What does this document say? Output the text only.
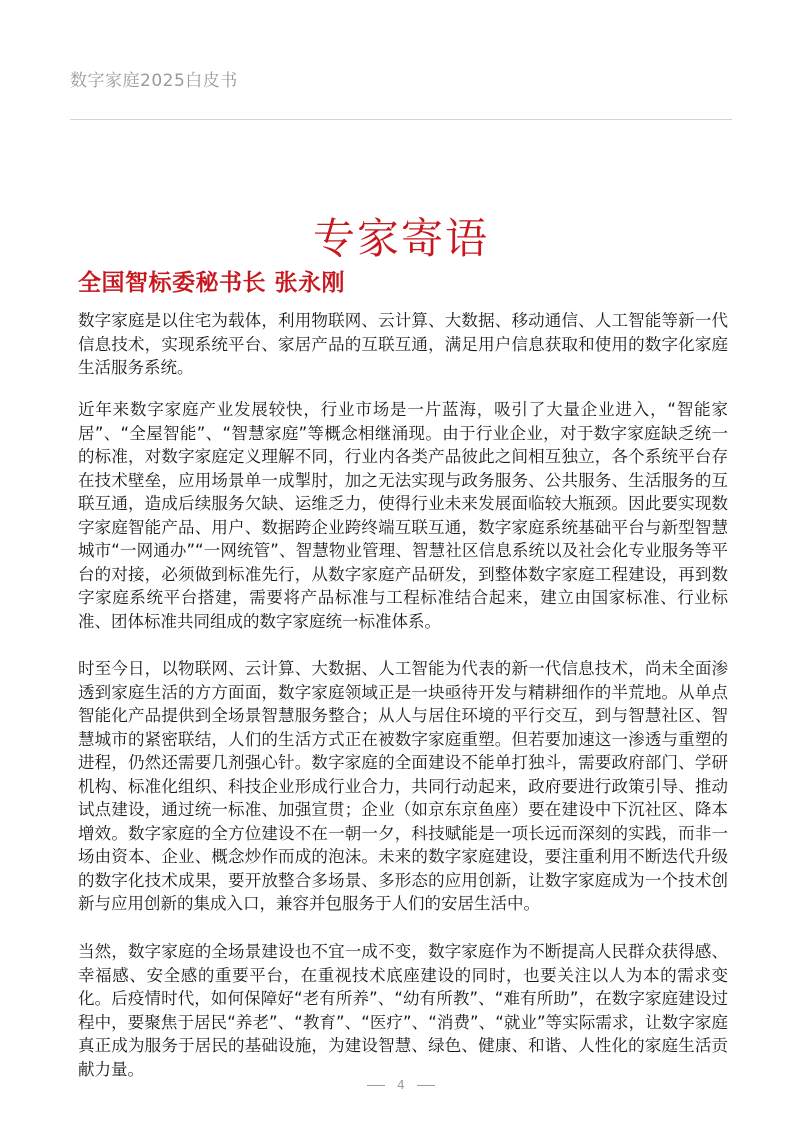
数字家庭2025白皮书
专家寄语
全国智标委秘书长 张永刚
数字家庭是以住宅为载体，利用物联网、云计算、大数据、移动通信、人工智能等新一代信息技术，实现系统平台、家居产品的互联互通，满足用户信息获取和使用的数字化家庭生活服务系统。
近年来数字家庭产业发展较快，行业市场是一片蓝海，吸引了大量企业进入，“智能家居”、“全屋智能”、“智慧家庭”等概念相继涌现。由于行业企业，对于数字家庭缺乏统一的标准，对数字家庭定义理解不同，行业内各类产品彼此之间相互独立，各个系统平台存在技术壁垒，应用场景单一成掣肘，加之无法实现与政务服务、公共服务、生活服务的互联互通，造成后续服务欠缺、运维乏力，使得行业未来发展面临较大瓶颈。因此要实现数字家庭智能产品、用户、数据跨企业跨终端互联互通，数字家庭系统基础平台与新型智慧城市“一网通办”“一网统管”、智慧物业管理、智慧社区信息系统以及社会化专业服务等平台的对接，必须做到标准先行，从数字家庭产品研发，到整体数字家庭工程建设，再到数字家庭系统平台搭建，需要将产品标准与工程标准结合起来，建立由国家标准、行业标准、团体标准共同组成的数字家庭统一标准体系。
时至今日，以物联网、云计算、大数据、人工智能为代表的新一代信息技术，尚未全面渗透到家庭生活的方方面面，数字家庭领域正是一块亟待开发与精耕细作的半荒地。从单点智能化产品提供到全场景智慧服务整合；从人与居住环境的平行交互，到与智慧社区、智慧城市的紧密联结，人们的生活方式正在被数字家庭重塑。但若要加速这一渗透与重塑的进程，仍然还需要几剂强心针。数字家庭的全面建设不能单打独斗，需要政府部门、学研机构、标准化组织、科技企业形成行业合力，共同行动起来，政府要进行政策引导、推动试点建设，通过统一标准、加强宣贯；企业（如京东京鱼座）要在建设中下沉社区、降本增效。数字家庭的全方位建设不在一朝一夕，科技赋能是一项长远而深刻的实践，而非一场由资本、企业、概念炒作而成的泡沫。未来的数字家庭建设，要注重利用不断迭代升级的数字化技术成果，要开放整合多场景、多形态的应用创新，让数字家庭成为一个技术创新与应用创新的集成入口，兼容并包服务于人们的安居生活中。
当然，数字家庭的全场景建设也不宜一成不变，数字家庭作为不断提高人民群众获得感、幸福感、安全感的重要平台，在重视技术底座建设的同时，也要关注以人为本的需求变化。后疫情时代，如何保障好“老有所养”、“幼有所教”、“难有所助”，在数字家庭建设过程中，要聚焦于居民“养老”、“教育”、“医疗”、“消费”、“就业”等实际需求，让数字家庭真正成为服务于居民的基础设施，为建设智慧、绿色、健康、和谐、人性化的家庭生活贡献力量。
4
